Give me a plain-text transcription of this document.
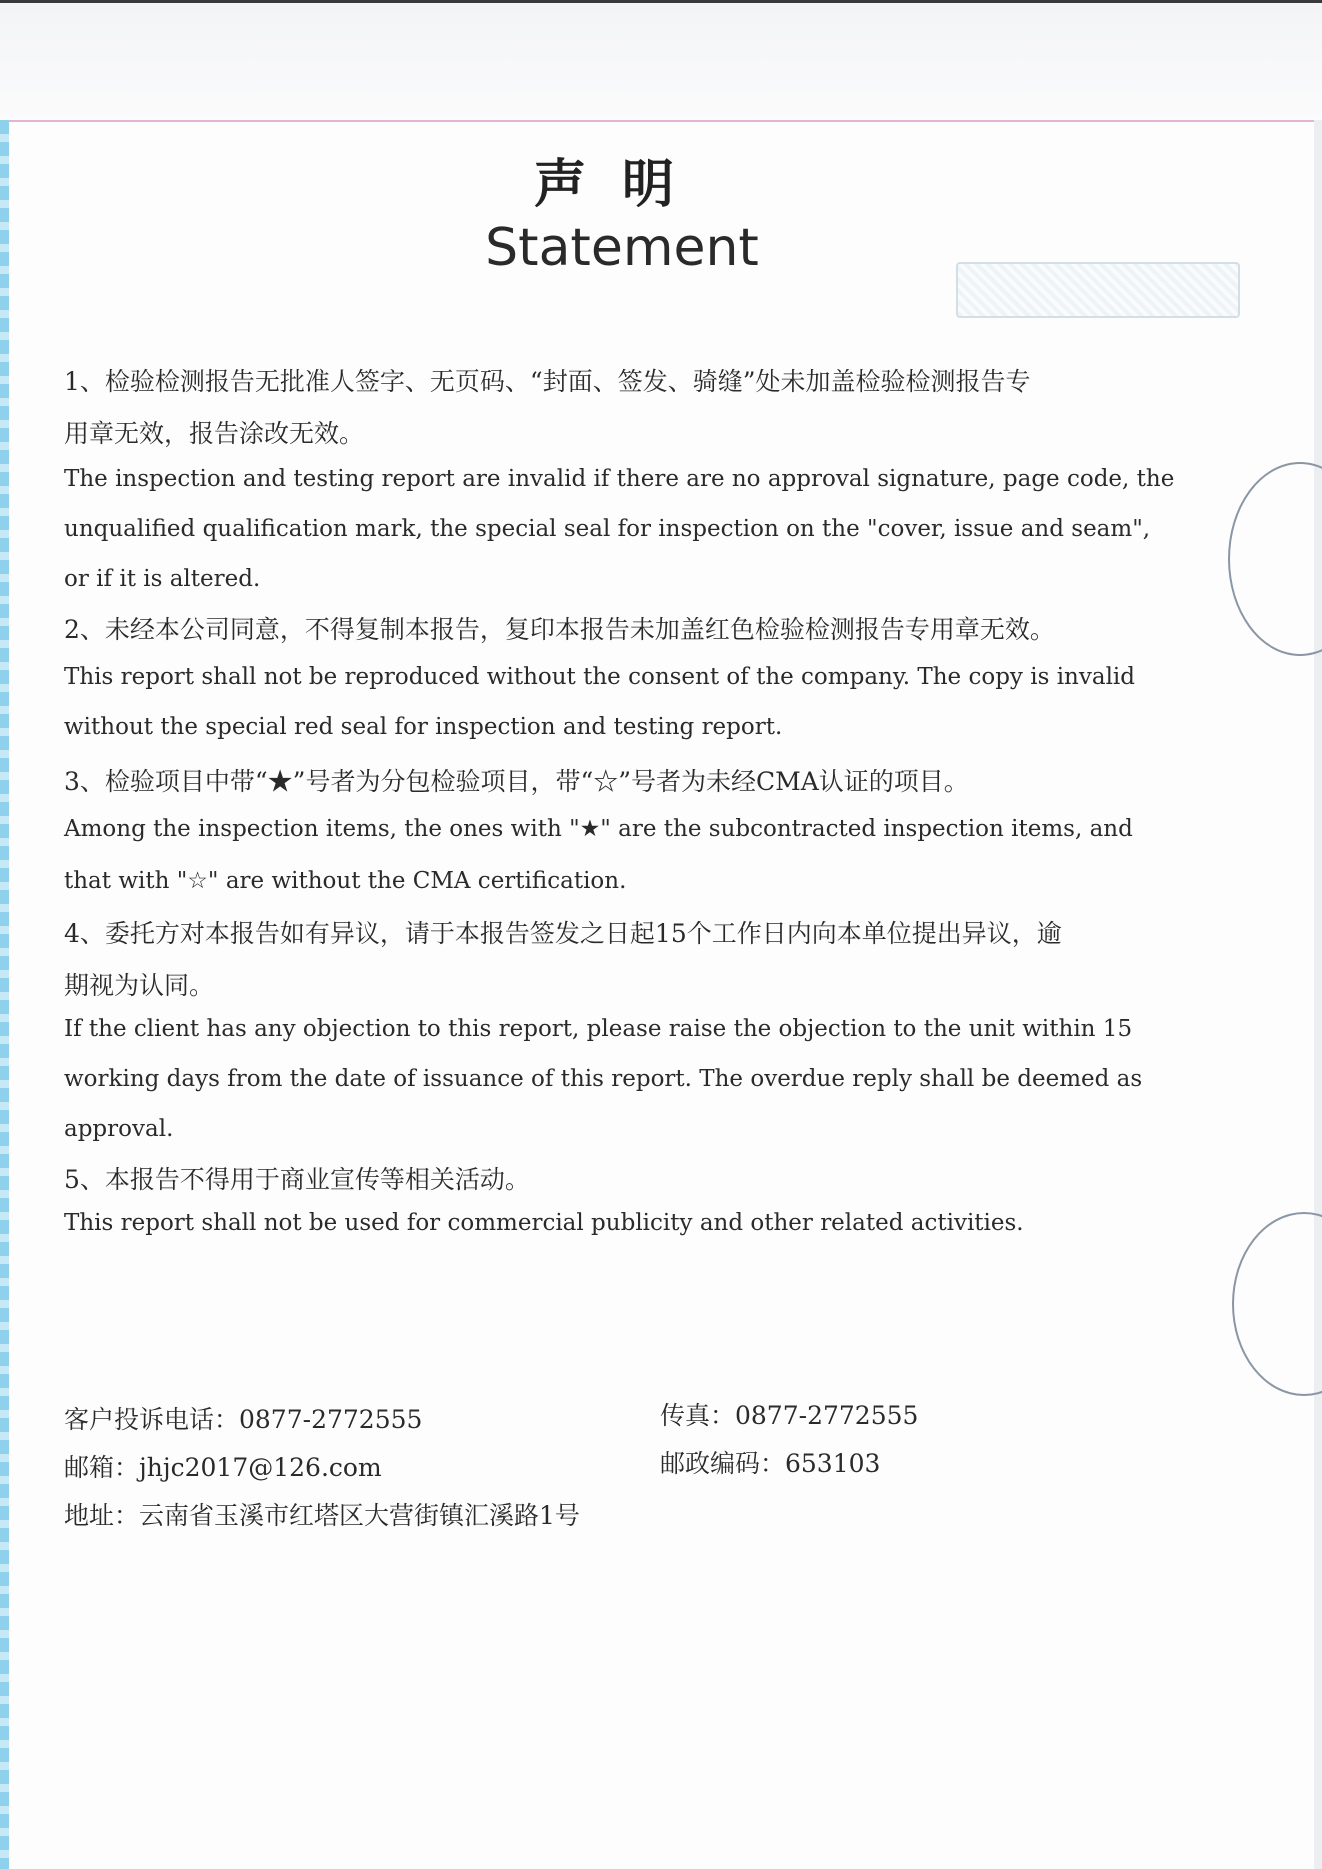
声明
Statement

1、检验检测报告无批准人签字、无页码、“封面、签发、骑缝”处未加盖检验检测报告专

用章无效，报告涂改无效。

The inspection and testing report are invalid if there are no approval signature, page code, the

unqualified qualification mark, the special seal for inspection on the "cover, issue and seam",

or if it is altered.

2、未经本公司同意，不得复制本报告，复印本报告未加盖红色检验检测报告专用章无效。

This report shall not be reproduced without the consent of the company. The copy is invalid

without the special red seal for inspection and testing report.

3、检验项目中带“★”号者为分包检验项目，带“☆”号者为未经CMA认证的项目。

Among the inspection items, the ones with "★" are the subcontracted inspection items, and

that with "☆" are without the CMA certification.

4、委托方对本报告如有异议，请于本报告签发之日起15个工作日内向本单位提出异议，逾

期视为认同。

If the client has any objection to this report, please raise the objection to the unit within 15

working days from the date of issuance of this report. The overdue reply shall be deemed as

approval.

5、本报告不得用于商业宣传等相关活动。

This report shall not be used for commercial publicity and other related activities.

客户投诉电话：0877-2772555	传真：0877-2772555

邮箱：jhjc2017@126.com	邮政编码：653103

地址：云南省玉溪市红塔区大营街镇汇溪路1号
